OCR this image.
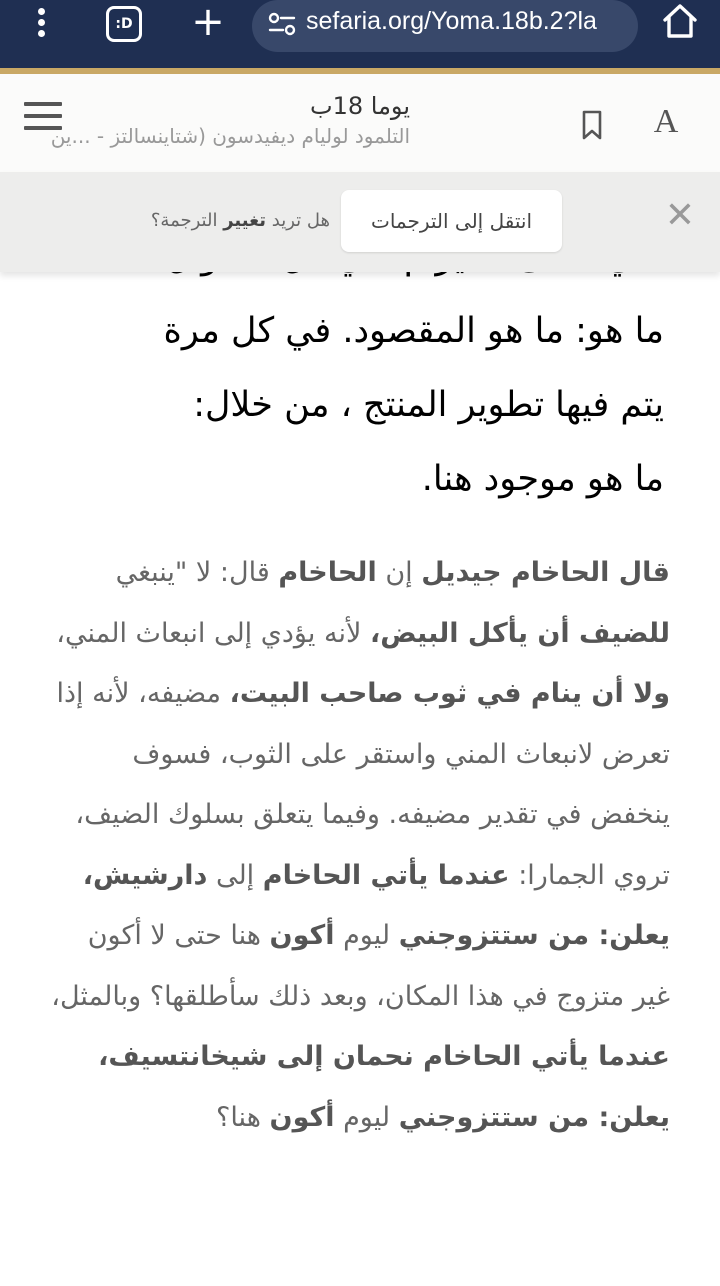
:D +	sefaria.org/Yoma.18b.2?la
يوما 18ب
التلمود لوليام ديفيدسون (شتاينسالتز - ...ين	A
✕
انتقل إلى الترجمات
هل تريد تغيير الترجمة؟

ما هو: ما هو المقصود. في كل مرة

يتم فيها تطوير المنتج ، من خلال:

ما هو موجود هنا.

قال الحاخام جيديل إن الحاخام قال: لا "ينبغي للضيف أن يأكل البيض، لأنه يؤدي إلى انبعاث المني، ولا أن ينام في ثوب صاحب البيت، مضيفه، لأنه إذا تعرض لانبعاث المني واستقر على الثوب، فسوف ينخفض في تقدير مضيفه. وفيما يتعلق بسلوك الضيف، تروي الجمارا: عندما يأتي الحاخام إلى دارشيش، يعلن: من ستتزوجني ليوم أكون هنا حتى لا أكون غير متزوج في هذا المكان، وبعد ذلك سأطلقها؟ وبالمثل، عندما يأتي الحاخام نحمان إلى شيخانتسيف، يعلن: من ستتزوجني ليوم أكون هنا؟
